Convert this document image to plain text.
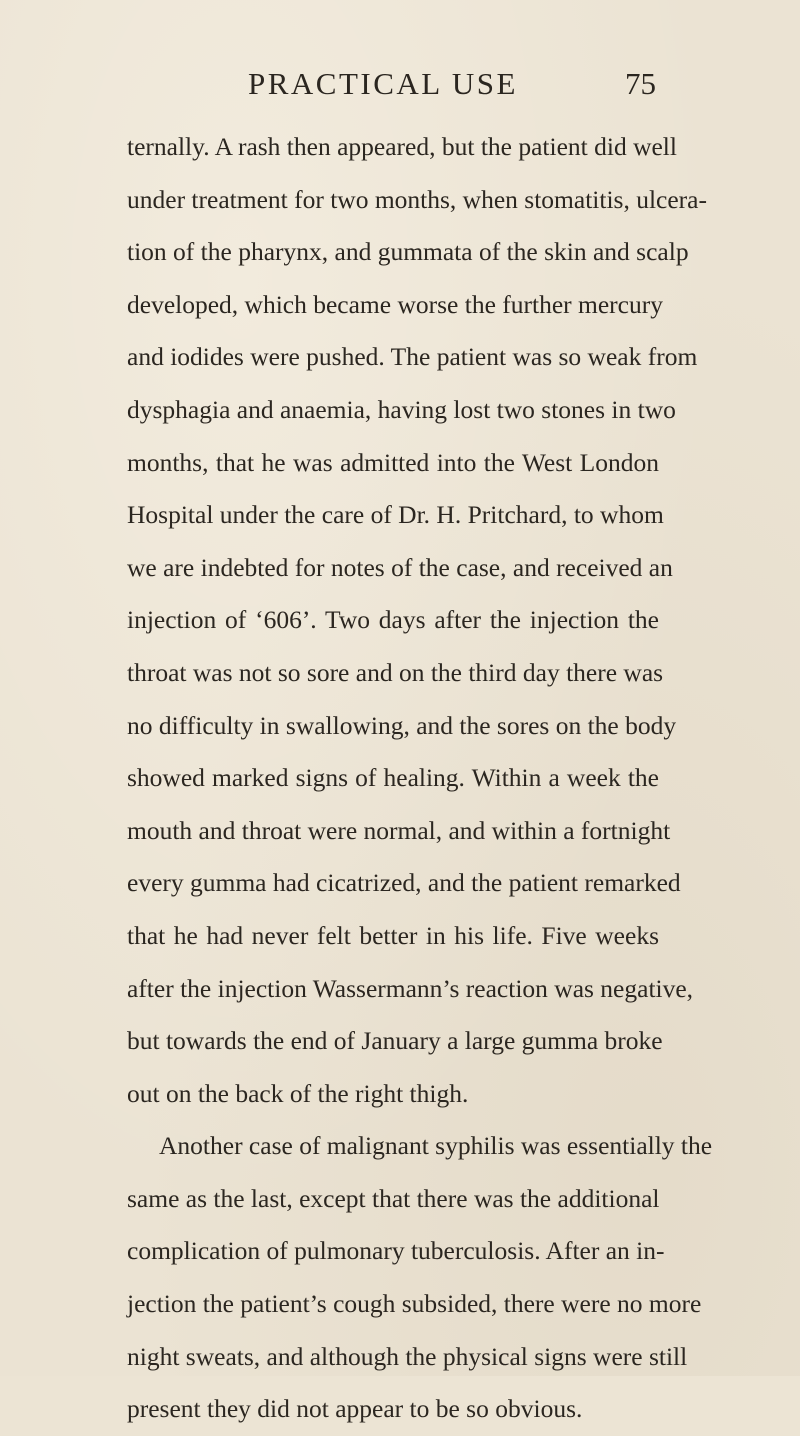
PRACTICAL USE	75
ternally. A rash then appeared, but the patient did well
under treatment for two months, when stomatitis, ulcera-
tion of the pharynx, and gummata of the skin and scalp
developed, which became worse the further mercury
and iodides were pushed. The patient was so weak from
dysphagia and anaemia, having lost two stones in two
months, that he was admitted into the West London
Hospital under the care of Dr. H. Pritchard, to whom
we are indebted for notes of the case, and received an
injection of ‘606’. Two days after the injection the
throat was not so sore and on the third day there was
no difficulty in swallowing, and the sores on the body
showed marked signs of healing. Within a week the
mouth and throat were normal, and within a fortnight
every gumma had cicatrized, and the patient remarked
that he had never felt better in his life. Five weeks
after the injection Wassermann’s reaction was negative,
but towards the end of January a large gumma broke
out on the back of the right thigh.
Another case of malignant syphilis was essentially the
same as the last, except that there was the additional
complication of pulmonary tuberculosis. After an in-
jection the patient’s cough subsided, there were no more
night sweats, and although the physical signs were still
present they did not appear to be so obvious.
